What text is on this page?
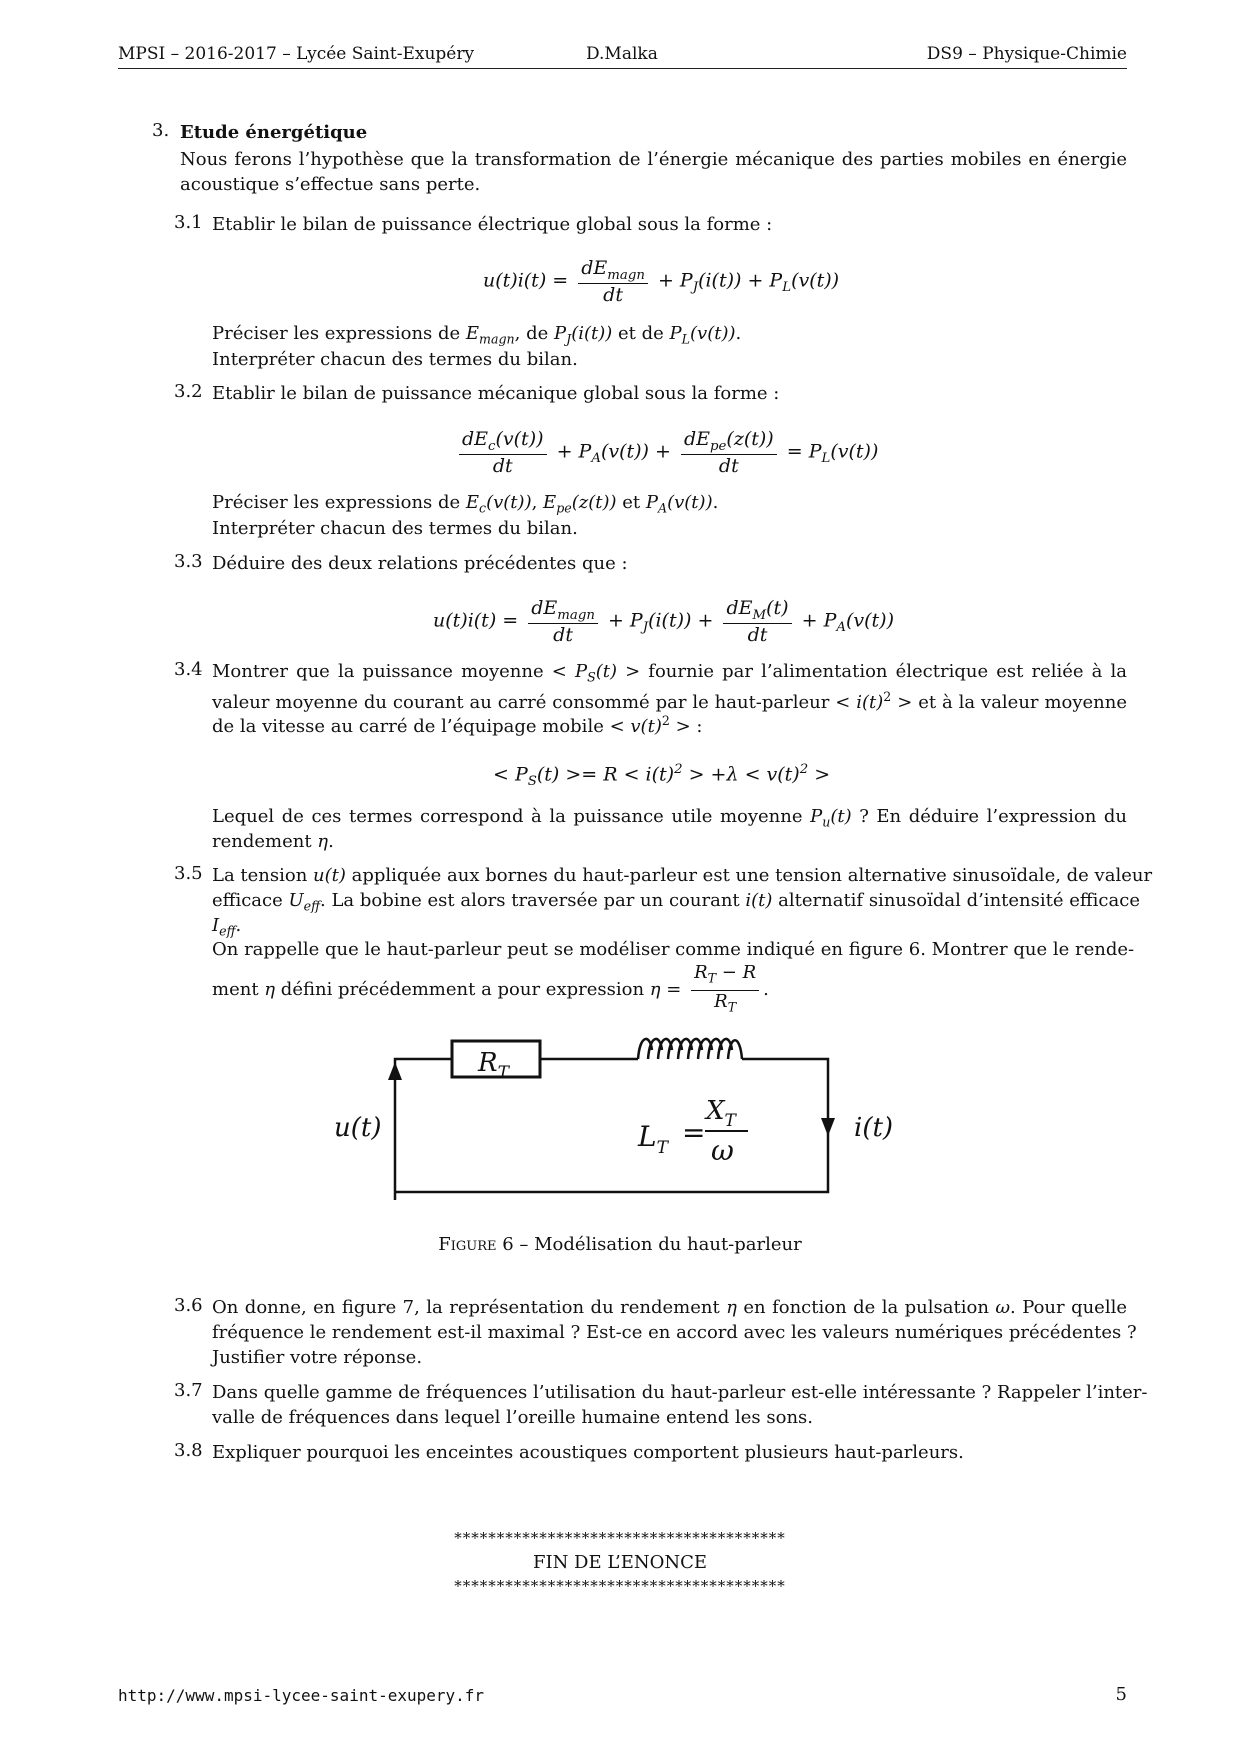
MPSI – 2016-2017 – Lycée Saint-Exupéry	D.Malka	DS9 – Physique-Chimie
3. Etude énergétique
Nous ferons l’hypothèse que la transformation de l’énergie mécanique des parties mobiles en énergie
acoustique s’effectue sans perte.
3.1 Etablir le bilan de puissance électrique global sous la forme :
$u(t)i(t) = \frac{dE_{magn}}{dt} + P_J(i(t)) + P_L(v(t))$
Préciser les expressions de $E_{magn}$, de $P_J(i(t))$ et de $P_L(v(t))$.
Interpréter chacun des termes du bilan.
3.2 Etablir le bilan de puissance mécanique global sous la forme :
$\frac{dE_c(v(t))}{dt} + P_A(v(t)) + \frac{dE_{pe}(z(t))}{dt} = P_L(v(t))$
Préciser les expressions de $E_c(v(t))$, $E_{pe}(z(t))$ et $P_A(v(t))$.
Interpréter chacun des termes du bilan.
3.3 Déduire des deux relations précédentes que :
$u(t)i(t) = \frac{dE_{magn}}{dt} + P_J(i(t)) + \frac{dE_M(t)}{dt} + P_A(v(t))$
3.4 Montrer que la puissance moyenne < $P_S(t)$ > fournie par l’alimentation électrique est reliée à la
valeur moyenne du courant au carré consommé par le haut-parleur < $i(t)^2$ > et à la valeur moyenne
de la vitesse au carré de l’équipage mobile < $v(t)^2$ > :
< $P_S(t) >= R < i(t)^2 > +\lambda < v(t)^2$ >
Lequel de ces termes correspond à la puissance utile moyenne $P_u(t)$ ? En déduire l’expression du
rendement η.
3.5 La tension u(t) appliquée aux bornes du haut-parleur est une tension alternative sinusoïdale, de valeur
efficace $U_{eff}$. La bobine est alors traversée par un courant i(t) alternatif sinusoïdal d’intensité efficace
$I_{eff}$.
On rappelle que le haut-parleur peut se modéliser comme indiqué en figure 6. Montrer que le rende-
ment η défini précédemment a pour expression $\eta = \frac{R_T - R}{R_T}$ .
$R_T$
u(t)	i(t)
$L_T$ =
$X_T$
ω
Figure 6 – Modélisation du haut-parleur
3.6 On donne, en figure 7, la représentation du rendement η en fonction de la pulsation ω. Pour quelle
fréquence le rendement est-il maximal ? Est-ce en accord avec les valeurs numériques précédentes ?
Justifier votre réponse.
3.7 Dans quelle gamme de fréquences l’utilisation du haut-parleur est-elle intéressante ? Rappeler l’inter-
valle de fréquences dans lequel l’oreille humaine entend les sons.
3.8 Expliquer pourquoi les enceintes acoustiques comportent plusieurs haut-parleurs.
***************************************
FIN DE L’ENONCE
***************************************
http://www.mpsi-lycee-saint-exupery.fr	5
